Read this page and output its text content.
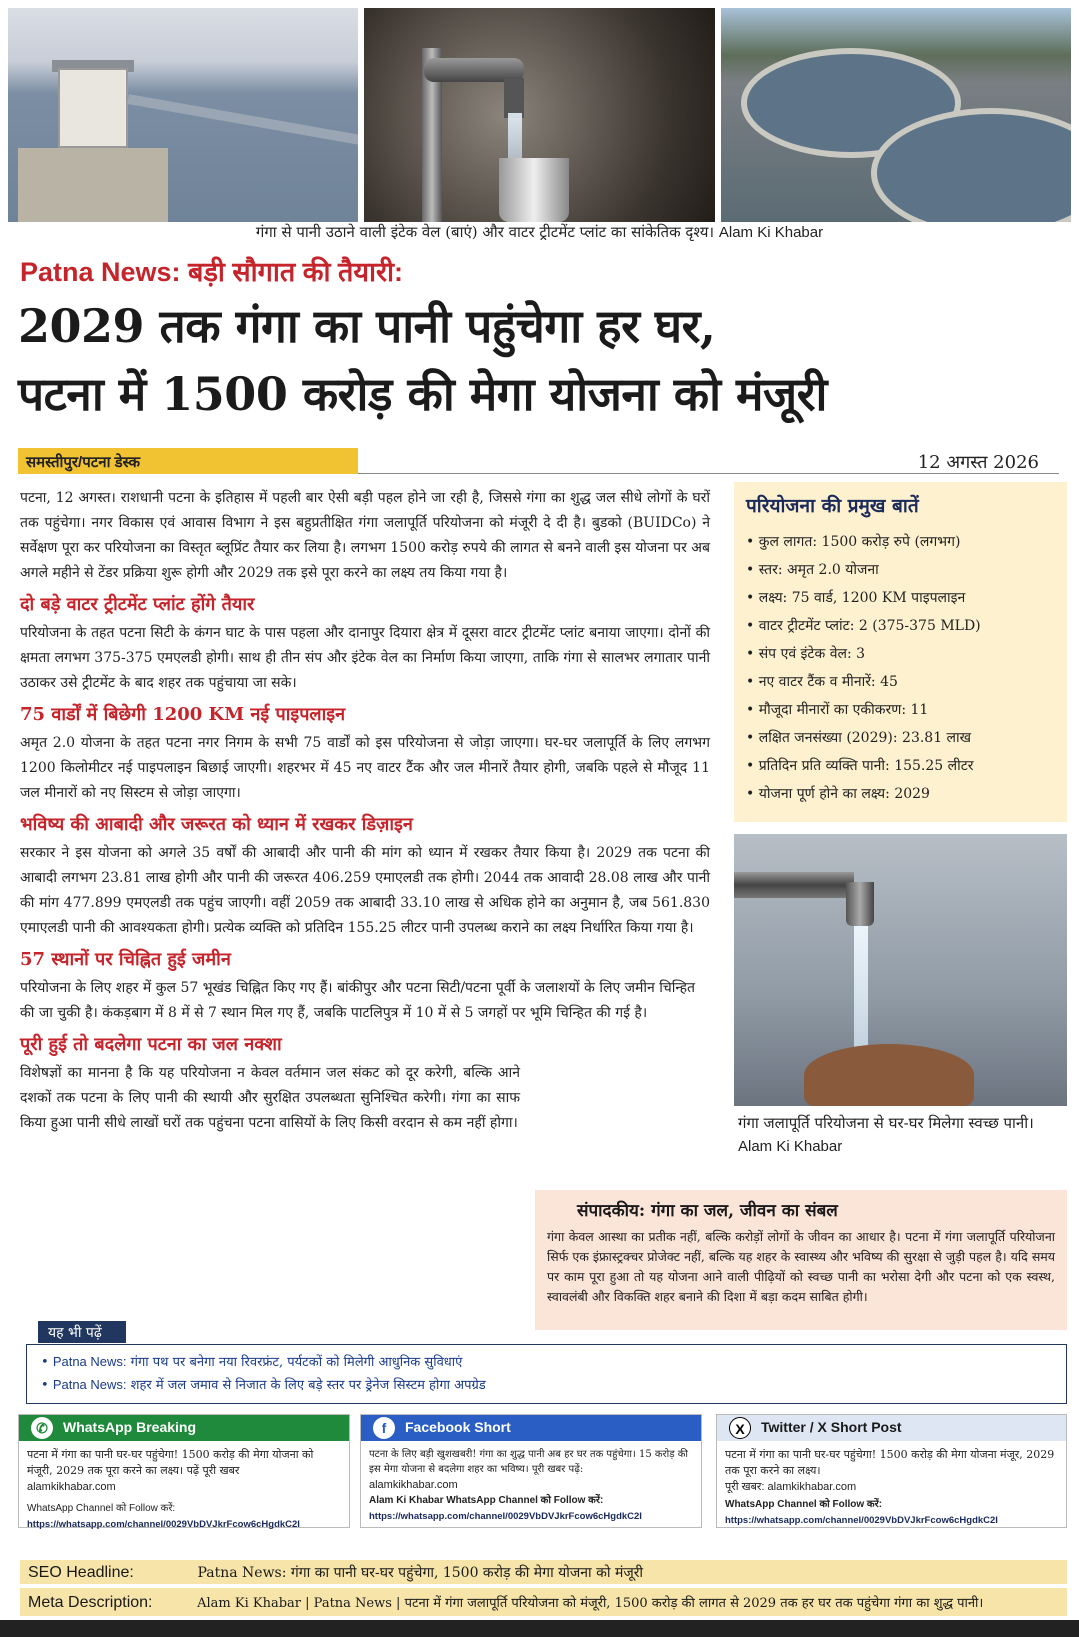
गंगा से पानी उठाने वाली इंटेक वेल (बाएं) और वाटर ट्रीटमेंट प्लांट का सांकेतिक दृश्य। Alam Ki Khabar
Patna News: बड़ी सौगात की तैयारी:
2029 तक गंगा का पानी पहुंचेगा हर घर,
पटना में 1500 करोड़ की मेगा योजना को मंजूरी
समस्तीपुर/पटना डेस्क	12 अगस्त 2026

पटना, 12 अगस्त। राशधानी पटना के इतिहास में पहली बार ऐसी बड़ी पहल होने जा रही है, जिससे गंगा का शुद्ध जल सीधे लोगों के घरों तक पहुंचेगा। नगर विकास एवं आवास विभाग ने इस बहुप्रतीक्षित गंगा जलापूर्ति परियोजना को मंजूरी दे दी है। बुडको (BUIDCo) ने सर्वेक्षण पूरा कर परियोजना का विस्तृत ब्लूप्रिंट तैयार कर लिया है। लगभग 1500 करोड़ रुपये की लागत से बनने वाली इस योजना पर अब अगले महीने से टेंडर प्रक्रिया शुरू होगी और 2029 तक इसे पूरा करने का लक्ष्य तय किया गया है।

दो बड़े वाटर ट्रीटमेंट प्लांट होंगे तैयार

परियोजना के तहत पटना सिटी के कंगन घाट के पास पहला और दानापुर दियारा क्षेत्र में दूसरा वाटर ट्रीटमेंट प्लांट बनाया जाएगा। दोनों की क्षमता लगभग 375-375 एमएलडी होगी। साथ ही तीन संप और इंटेक वेल का निर्माण किया जाएगा, ताकि गंगा से सालभर लगातार पानी उठाकर उसे ट्रीटमेंट के बाद शहर तक पहुंचाया जा सके।

75 वार्डों में बिछेगी 1200 KM नई पाइपलाइन

अमृत 2.0 योजना के तहत पटना नगर निगम के सभी 75 वार्डों को इस परियोजना से जोड़ा जाएगा। घर-घर जलापूर्ति के लिए लगभग 1200 किलोमीटर नई पाइपलाइन बिछाई जाएगी। शहरभर में 45 नए वाटर टैंक और जल मीनारें तैयार होगी, जबकि पहले से मौजूद 11 जल मीनारों को नए सिस्टम से जोड़ा जाएगा।

भविष्य की आबादी और जरूरत को ध्यान में रखकर डिज़ाइन

सरकार ने इस योजना को अगले 35 वर्षों की आबादी और पानी की मांग को ध्यान में रखकर तैयार किया है। 2029 तक पटना की आबादी लगभग 23.81 लाख होगी और पानी की जरूरत 406.259 एमाएलडी तक होगी। 2044 तक आवादी 28.08 लाख और पानी की मांग 477.899 एमएलडी तक पहुंच जाएगी। वहीं 2059 तक आबादी 33.10 लाख से अधिक होने का अनुमान है, जब 561.830 एमाएलडी पानी की आवश्यकता होगी। प्रत्येक व्यक्ति को प्रतिदिन 155.25 लीटर पानी उपलब्ध कराने का लक्ष्य निर्धारित किया गया है।

57 स्थानों पर चिह्नित हुई जमीन

परियोजना के लिए शहर में कुल 57 भूखंड चिह्नित किए गए हैं। बांकीपुर और पटना सिटी/पटना पूर्वी के जलाशयों के लिए जमीन चिन्हित की जा चुकी है। कंकड़बाग में 8 में से 7 स्थान मिल गए हैं, जबकि पाटलिपुत्र में 10 में से 5 जगहों पर भूमि चिन्हित की गई है।

पूरी हुई तो बदलेगा पटना का जल नक्शा

विशेषज्ञों का मानना है कि यह परियोजना न केवल वर्तमान जल संकट को दूर करेगी, बल्कि आने दशकों तक पटना के लिए पानी की स्थायी और सुरक्षित उपलब्धता सुनिश्चित करेगी। गंगा का साफ किया हुआ पानी सीधे लाखों घरों तक पहुंचना पटना वासियों के लिए किसी वरदान से कम नहीं होगा।

परियोजना की प्रमुख बातें
• कुल लागत: 1500 करोड़ रुपे (लगभग)
• स्तर: अमृत 2.0 योजना
• लक्ष्य: 75 वार्ड, 1200 KM पाइपलाइन
• वाटर ट्रीटमेंट प्लांट: 2 (375-375 MLD)
• संप एवं इंटेक वेल: 3
• नए वाटर टैंक व मीनारें: 45
• मौजूदा मीनारों का एकीकरण: 11
• लक्षित जनसंख्या (2029): 23.81 लाख
• प्रतिदिन प्रति व्यक्ति पानी: 155.25 लीटर
• योजना पूर्ण होने का लक्ष्य: 2029
गंगा जलापूर्ति परियोजना से घर-घर मिलेगा स्वच्छ पानी। Alam Ki Khabar
संपादकीय: गंगा का जल, जीवन का संबल

गंगा केवल आस्था का प्रतीक नहीं, बल्कि करोड़ों लोगों के जीवन का आधार है। पटना में गंगा जलापूर्ति परियोजना सिर्फ एक इंफ्रास्ट्रक्चर प्रोजेक्ट नहीं, बल्कि यह शहर के स्वास्थ्य और भविष्य की सुरक्षा से जुड़ी पहल है। यदि समय पर काम पूरा हुआ तो यह योजना आने वाली पीढ़ियों को स्वच्छ पानी का भरोसा देगी और पटना को एक स्वस्थ, स्वावलंबी और विकक्ति शहर बनाने की दिशा में बड़ा कदम साबित होगी।

यह भी पढ़ें
• Patna News: गंगा पथ पर बनेगा नया रिवरफ्रंट, पर्यटकों को मिलेगी आधुनिक सुविधाएं
• Patna News: शहर में जल जमाव से निजात के लिए बड़े स्तर पर ड्रेनेज सिस्टम होगा अपग्रेड
✆	WhatsApp Breaking
पटना में गंगा का पानी घर-घर पहुंचेगा! 1500 करोड़ की मेगा योजना को मंजूरी, 2029 तक पूरा करने का लक्ष्य। पढ़ें पूरी खबर
alamkikhabar.com
WhatsApp Channel को Follow करें:
https://whatsapp.com/channel/0029VbDVJkrFcow6cHgdkC2I
f	Facebook Short
पटना के लिए बड़ी खुशखबरी! गंगा का शुद्ध पानी अब हर घर तक पहुंचेगा। 15 करोड़ की इस मेगा योजना से बदलेगा शहर का भविष्य। पूरी खबर पढ़ें:
alamkikhabar.com
Alam Ki Khabar WhatsApp Channel को Follow करें:
https://whatsapp.com/channel/0029VbDVJkrFcow6cHgdkC2I
X	Twitter / X Short Post
पटना में गंगा का पानी घर-घर पहुंचेगा! 1500 करोड़ की मेगा योजना मंजूर, 2029 तक पूरा करने का लक्ष्य।
पूरी खबर: alamkikhabar.com
WhatsApp Channel को Follow करें:
https://whatsapp.com/channel/0029VbDVJkrFcow6cHgdkC2I
SEO Headline:	Patna News: गंगा का पानी घर-घर पहुंचेगा, 1500 करोड़ की मेगा योजना को मंजूरी
Meta Description:	Alam Ki Khabar | Patna News | पटना में गंगा जलापूर्ति परियोजना को मंजूरी, 1500 करोड़ की लागत से 2029 तक हर घर तक पहुंचेगा गंगा का शुद्ध पानी।
